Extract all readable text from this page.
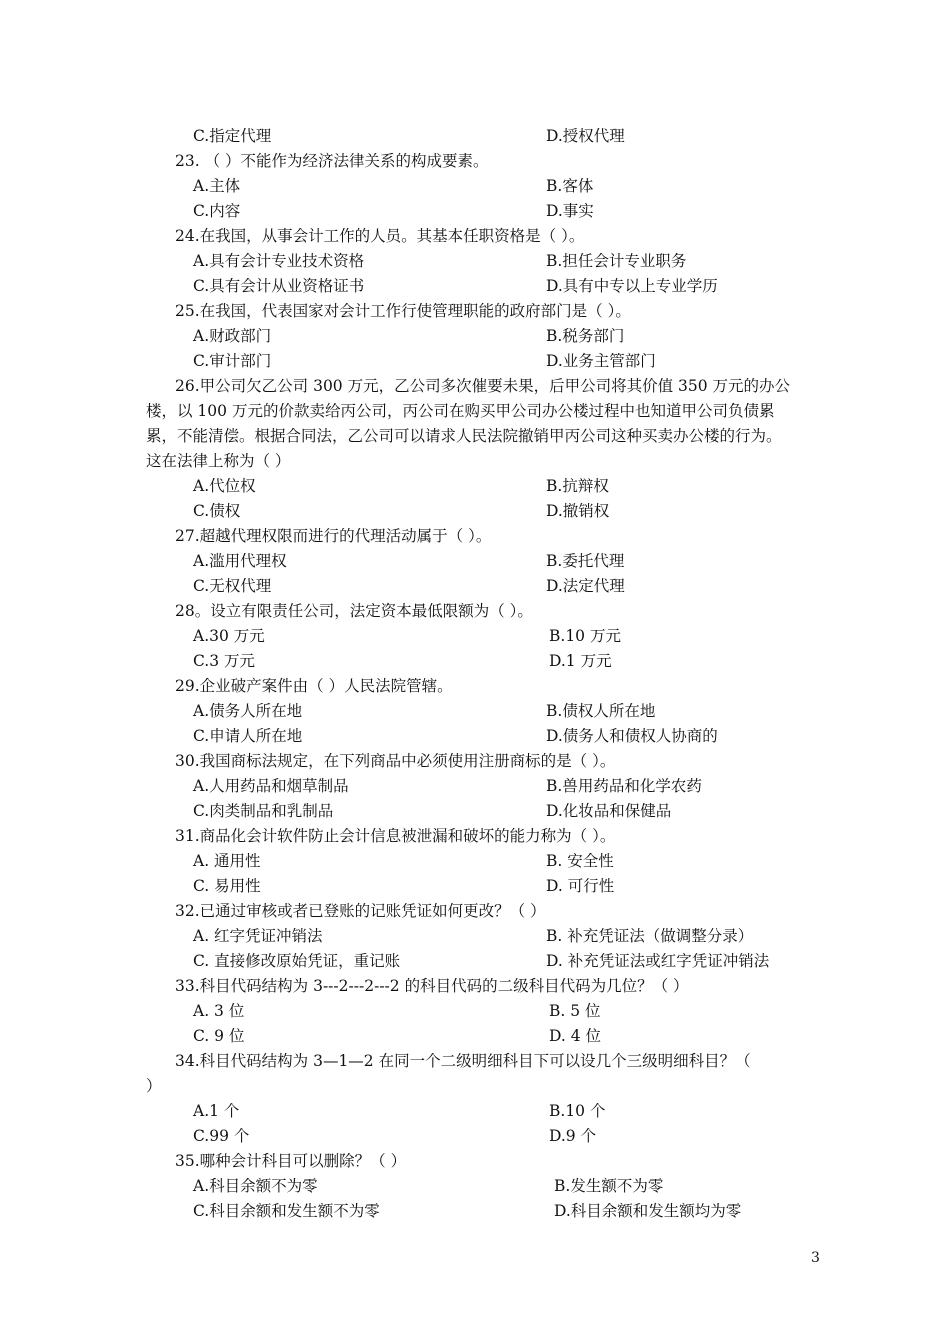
C.指定代理	D.授权代理
23. （ ）不能作为经济法律关系的构成要素。
A.主体	B.客体
C.内容	D.事实
24.在我国，从事会计工作的人员。其基本任职资格是（ ）。
A.具有会计专业技术资格	B.担任会计专业职务
C.具有会计从业资格证书	D.具有中专以上专业学历
25.在我国，代表国家对会计工作行使管理职能的政府部门是（ ）。
A.财政部门	B.税务部门
C.审计部门	D.业务主管部门
26.甲公司欠乙公司 300 万元，乙公司多次催要未果，后甲公司将其价值 350 万元的办公
楼，以 100 万元的价款卖给丙公司，丙公司在购买甲公司办公楼过程中也知道甲公司负债累
累，不能清偿。根据合同法，乙公司可以请求人民法院撤销甲丙公司这种买卖办公楼的行为。
这在法律上称为（ ）
A.代位权	B.抗辩权
C.债权	D.撤销权
27.超越代理权限而进行的代理活动属于（ ）。
A.滥用代理权	B.委托代理
C.无权代理	D.法定代理
28。设立有限责任公司，法定资本最低限额为（ ）。
A.30 万元	B.10 万元
C.3 万元	D.1 万元
29.企业破产案件由（ ）人民法院管辖。
A.债务人所在地	B.债权人所在地
C.申请人所在地	D.债务人和债权人协商的
30.我国商标法规定，在下列商品中必须使用注册商标的是（ ）。
A.人用药品和烟草制品	B.兽用药品和化学农药
C.肉类制品和乳制品	D.化妆品和保健品
31.商品化会计软件防止会计信息被泄漏和破坏的能力称为（ ）。
A. 通用性	B. 安全性
C. 易用性	D. 可行性
32.已通过审核或者已登账的记账凭证如何更改？（ ）
A. 红字凭证冲销法	B. 补充凭证法（做调整分录）
C. 直接修改原始凭证，重记账	D. 补充凭证法或红字凭证冲销法
33.科目代码结构为 3---2---2---2 的科目代码的二级科目代码为几位？（ ）
A. 3 位	B. 5 位
C. 9 位	D. 4 位
34.科目代码结构为 3—1—2 在同一个二级明细科目下可以设几个三级明细科目？（
）
A.1 个	B.10 个
C.99 个	D.9 个
35.哪种会计科目可以删除？（ ）
A.科目余额不为零	B.发生额不为零
C.科目余额和发生额不为零	D.科目余额和发生额均为零
3
